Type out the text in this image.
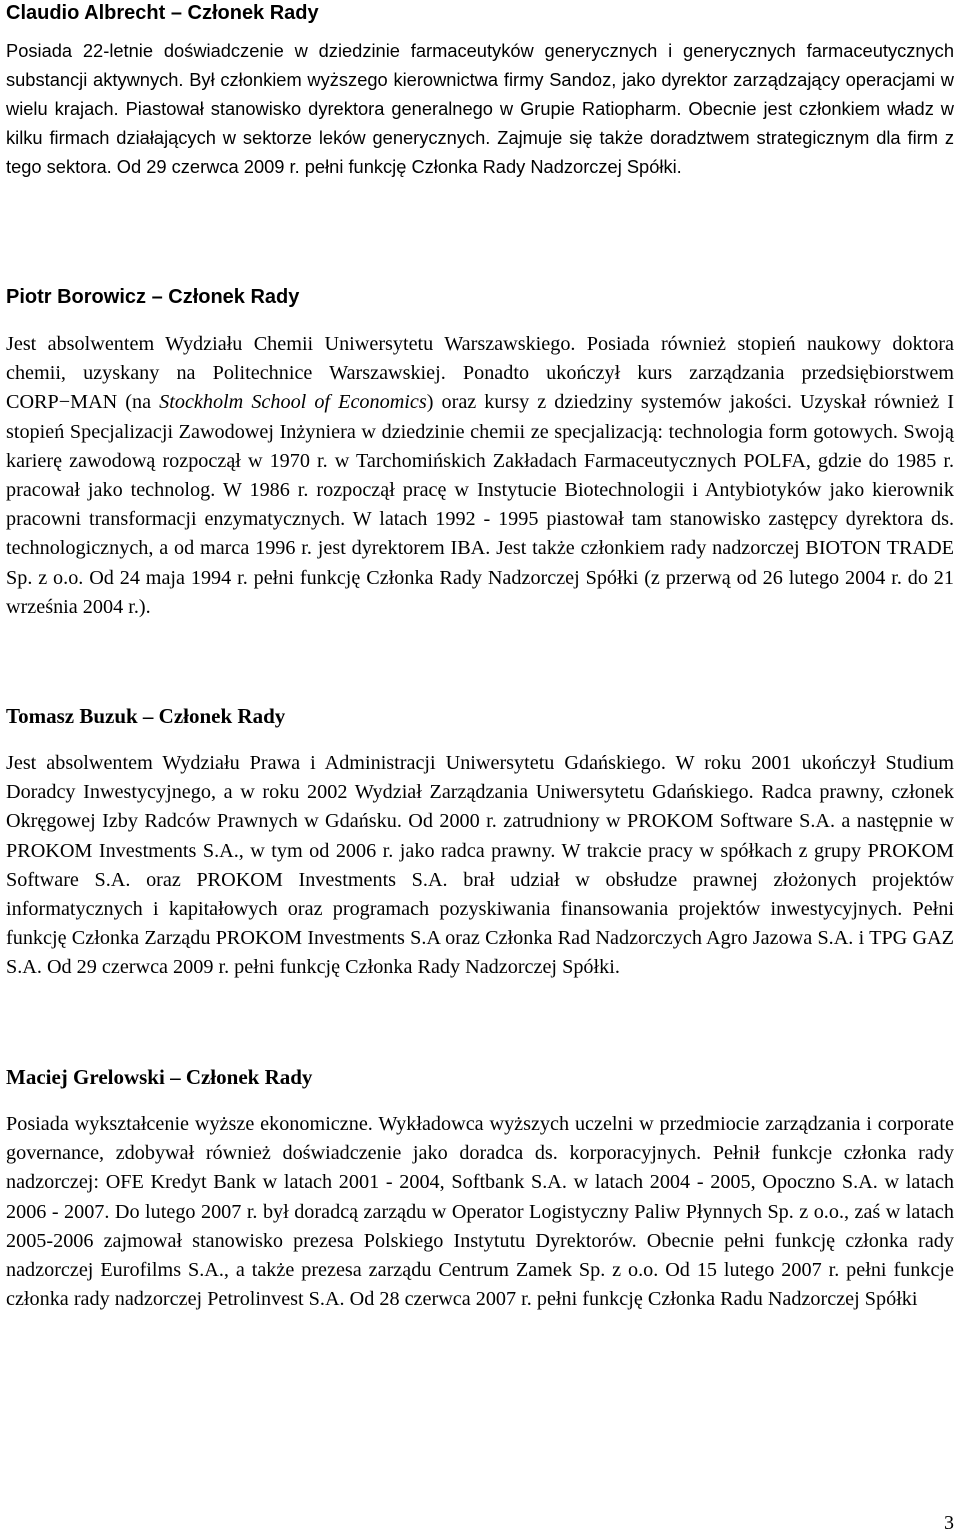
Claudio Albrecht – Członek Rady

Posiada 22-letnie doświadczenie w dziedzinie farmaceutyków generycznych i generycznych farmaceutycznych substancji aktywnych. Był członkiem wyższego kierownictwa firmy Sandoz, jako dyrektor zarządzający operacjami w wielu krajach. Piastował stanowisko dyrektora generalnego w Grupie Ratiopharm. Obecnie jest członkiem władz w kilku firmach działających w sektorze leków generycznych. Zajmuje się także doradztwem strategicznym dla firm z tego sektora. Od 29 czerwca 2009 r. pełni funkcję Członka Rady Nadzorczej Spółki.

Piotr Borowicz – Członek Rady

Jest absolwentem Wydziału Chemii Uniwersytetu Warszawskiego. Posiada również stopień naukowy doktora chemii, uzyskany na Politechnice Warszawskiej. Ponadto ukończył kurs zarządzania przedsiębiorstwem CORP−MAN (na Stockholm School of Economics) oraz kursy z dziedziny systemów jakości. Uzyskał również I stopień Specjalizacji Zawodowej Inżyniera w dziedzinie chemii ze specjalizacją: technologia form gotowych. Swoją karierę zawodową rozpoczął w 1970 r. w Tarchomińskich Zakładach Farmaceutycznych POLFA, gdzie do 1985 r. pracował jako technolog. W 1986 r. rozpoczął pracę w Instytucie Biotechnologii i Antybiotyków jako kierownik pracowni transformacji enzymatycznych. W latach 1992 - 1995 piastował tam stanowisko zastępcy dyrektora ds. technologicznych, a od marca 1996 r. jest dyrektorem IBA. Jest także członkiem rady nadzorczej BIOTON TRADE Sp. z o.o. Od 24 maja 1994 r. pełni funkcję Członka Rady Nadzorczej Spółki (z przerwą od 26 lutego 2004 r. do 21 września 2004 r.).

Tomasz Buzuk – Członek Rady

Jest absolwentem Wydziału Prawa i Administracji Uniwersytetu Gdańskiego. W roku 2001 ukończył Studium Doradcy Inwestycyjnego, a w roku 2002 Wydział Zarządzania Uniwersytetu Gdańskiego. Radca prawny, członek Okręgowej Izby Radców Prawnych w Gdańsku. Od 2000 r. zatrudniony w PROKOM Software S.A. a następnie w PROKOM Investments S.A., w tym od 2006 r. jako radca prawny. W trakcie pracy w spółkach z grupy PROKOM Software S.A. oraz PROKOM Investments S.A. brał udział w obsłudze prawnej złożonych projektów informatycznych i kapitałowych oraz programach pozyskiwania finansowania projektów inwestycyjnych. Pełni funkcję Członka Zarządu PROKOM Investments S.A oraz Członka Rad Nadzorczych Agro Jazowa S.A. i TPG GAZ S.A. Od 29 czerwca 2009 r. pełni funkcję Członka Rady Nadzorczej Spółki.

Maciej Grelowski – Członek Rady

Posiada wykształcenie wyższe ekonomiczne. Wykładowca wyższych uczelni w przedmiocie zarządzania i corporate governance, zdobywał również doświadczenie jako doradca ds. korporacyjnych. Pełnił funkcje członka rady nadzorczej: OFE Kredyt Bank w latach 2001 - 2004, Softbank S.A. w latach 2004 - 2005, Opoczno S.A. w latach 2006 - 2007. Do lutego 2007 r. był doradcą zarządu w Operator Logistyczny Paliw Płynnych Sp. z o.o., zaś w latach 2005-2006 zajmował stanowisko prezesa Polskiego Instytutu Dyrektorów. Obecnie pełni funkcję członka rady nadzorczej Eurofilms S.A., a także prezesa zarządu Centrum Zamek Sp. z o.o. Od 15 lutego 2007 r. pełni funkcje członka rady nadzorczej Petrolinvest S.A. Od 28 czerwca 2007 r. pełni funkcję Członka Radu Nadzorczej Spółki

3
